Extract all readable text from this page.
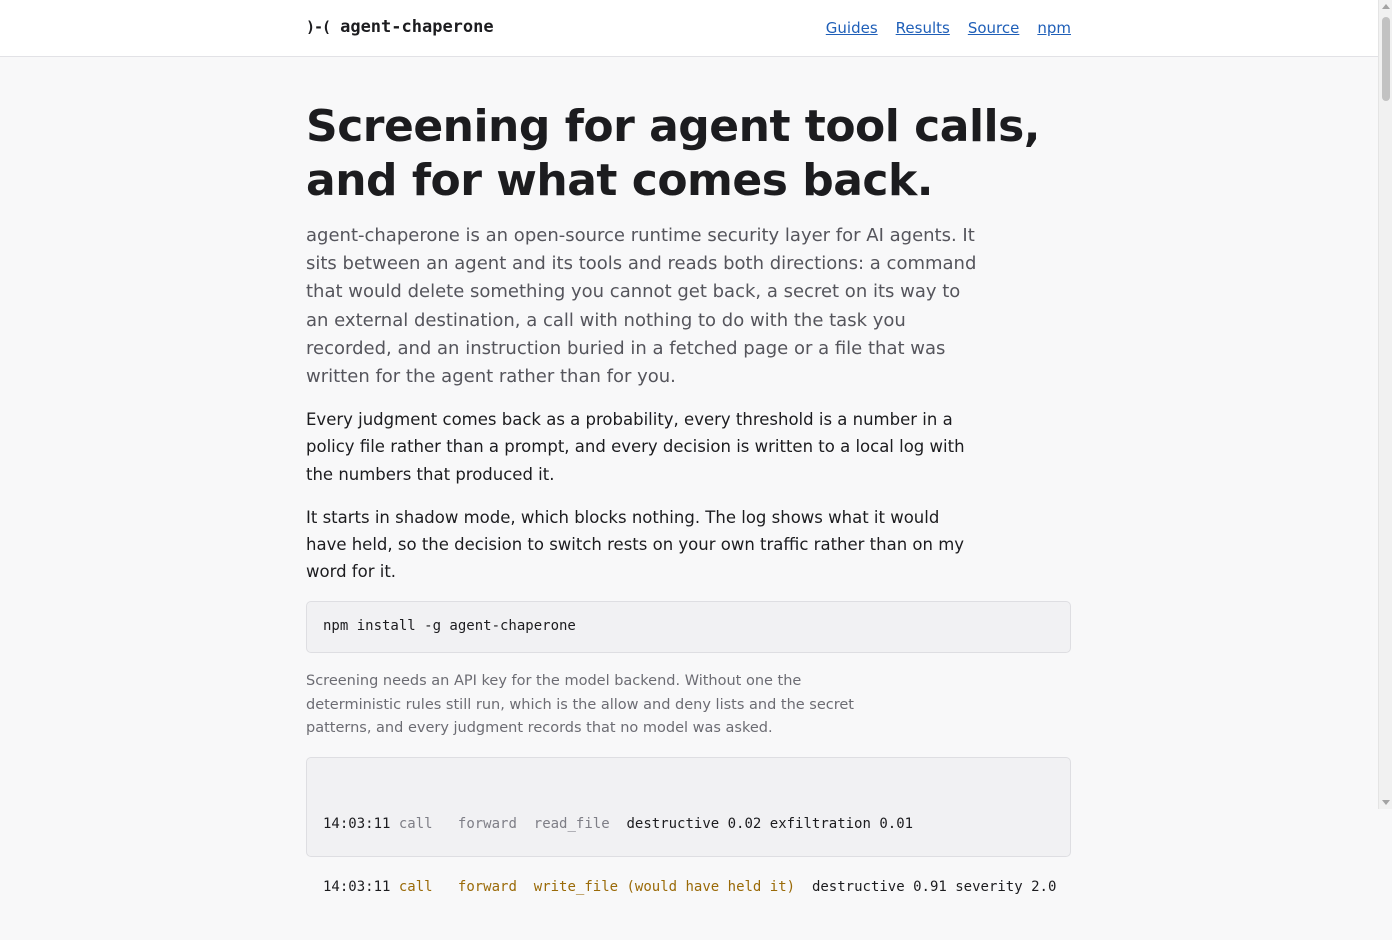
)-( agent-chaperone	Guides Results Source npm
Screening for agent tool calls, and for what comes back.

agent-chaperone is an open-source runtime security layer for AI agents. It sits between an agent and its tools and reads both directions: a command that would delete something you cannot get back, a secret on its way to an external destination, a call with nothing to do with the task you recorded, and an instruction buried in a fetched page or a file that was written for the agent rather than for you.

Every judgment comes back as a probability, every threshold is a number in a policy file rather than a prompt, and every decision is written to a local log with the numbers that produced it.

It starts in shadow mode, which blocks nothing. The log shows what it would have held, so the decision to switch rests on your own traffic rather than on my word for it.

npm install -g agent-chaperone

Screening needs an API key for the model backend. Without one the deterministic rules still run, which is the allow and deny lists and the secret patterns, and every judgment records that no model was asked.

14:03:11 call forward read_file destructive 0.02 exfiltration 0.01

14:03:11 call forward write_file (would have held it) destructive 0.91 severity 2.0
